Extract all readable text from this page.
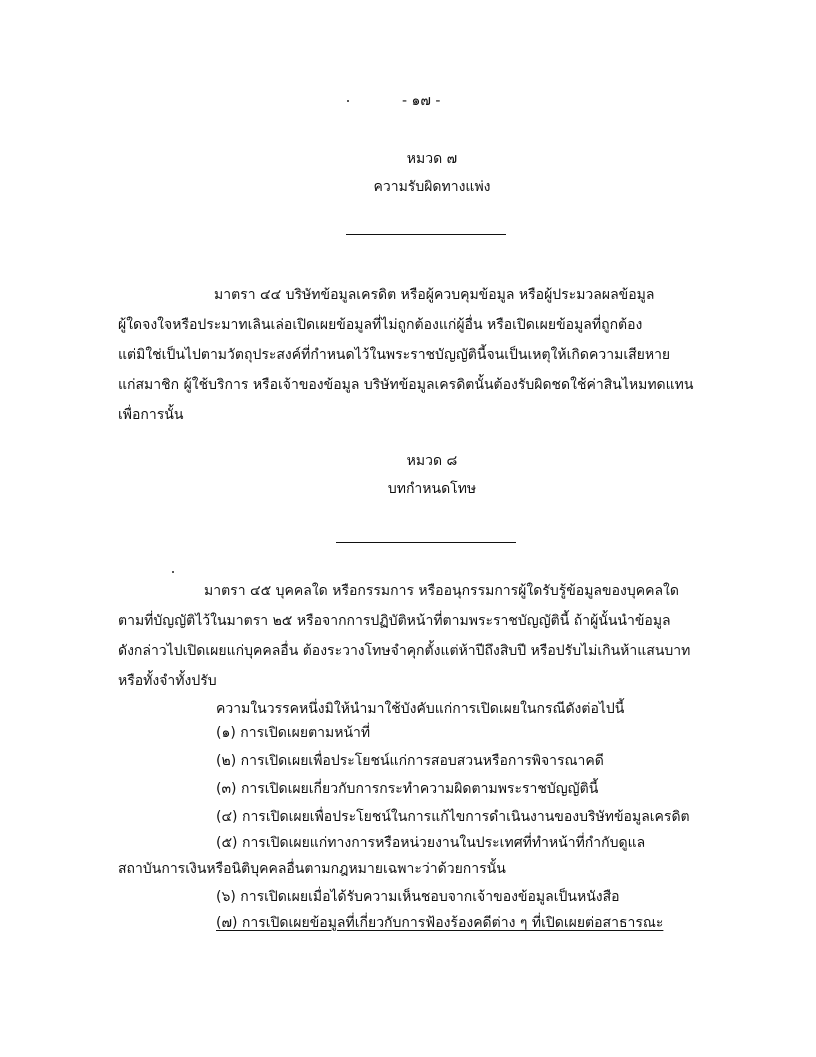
- ๑๗ -
หมวด ๗
ความรับผิดทางแพ่ง
มาตรา ๔๔ บริษัทข้อมูลเครดิต หรือผู้ควบคุมข้อมูล หรือผู้ประมวลผลข้อมูล
ผู้ใดจงใจหรือประมาทเลินเล่อเปิดเผยข้อมูลที่ไม่ถูกต้องแก่ผู้อื่น หรือเปิดเผยข้อมูลที่ถูกต้อง
แต่มิใช่เป็นไปตามวัตถุประสงค์ที่กำหนดไว้ในพระราชบัญญัตินี้จนเป็นเหตุให้เกิดความเสียหาย
แก่สมาชิก ผู้ใช้บริการ หรือเจ้าของข้อมูล บริษัทข้อมูลเครดิตนั้นต้องรับผิดชดใช้ค่าสินไหมทดแทน
เพื่อการนั้น
หมวด ๘
บทกำหนดโทษ
มาตรา ๔๕ บุคคลใด หรือกรรมการ หรืออนุกรรมการผู้ใดรับรู้ข้อมูลของบุคคลใด
ตามที่บัญญัติไว้ในมาตรา ๒๕ หรือจากการปฏิบัติหน้าที่ตามพระราชบัญญัตินี้ ถ้าผู้นั้นนำข้อมูล
ดังกล่าวไปเปิดเผยแก่บุคคลอื่น ต้องระวางโทษจำคุกตั้งแต่ห้าปีถึงสิบปี หรือปรับไม่เกินห้าแสนบาท
หรือทั้งจำทั้งปรับ
ความในวรรคหนึ่งมิให้นำมาใช้บังคับแก่การเปิดเผยในกรณีดังต่อไปนี้
(๑) การเปิดเผยตามหน้าที่
(๒) การเปิดเผยเพื่อประโยชน์แก่การสอบสวนหรือการพิจารณาคดี
(๓) การเปิดเผยเกี่ยวกับการกระทำความผิดตามพระราชบัญญัตินี้
(๔) การเปิดเผยเพื่อประโยชน์ในการแก้ไขการดำเนินงานของบริษัทข้อมูลเครดิต
(๕) การเปิดเผยแก่ทางการหรือหน่วยงานในประเทศที่ทำหน้าที่กำกับดูแล
สถาบันการเงินหรือนิติบุคคลอื่นตามกฎหมายเฉพาะว่าด้วยการนั้น
(๖) การเปิดเผยเมื่อได้รับความเห็นชอบจากเจ้าของข้อมูลเป็นหนังสือ
(๗) การเปิดเผยข้อมูลที่เกี่ยวกับการฟ้องร้องคดีต่าง ๆ ที่เปิดเผยต่อสาธารณะ
